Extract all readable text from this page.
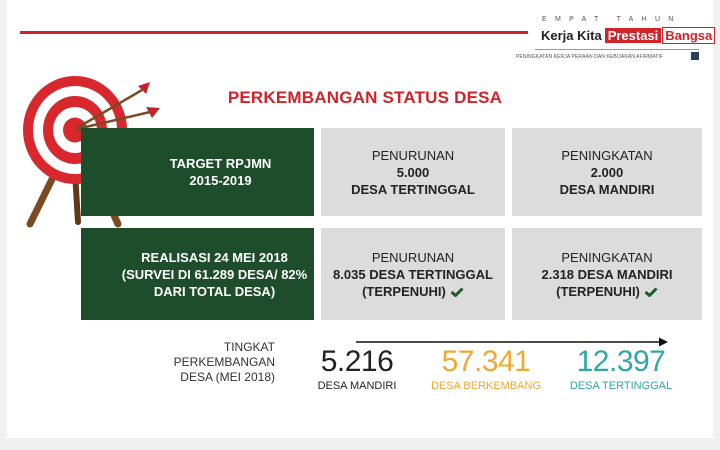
EMPAT TAHUN
Kerja Kita Prestasi Bangsa
PENINGKATAN KERJA PERAAN DAN KEBIJAKAN AFIRMATIF
PERKEMBANGAN STATUS DESA
TARGET RPJMN
2015-2019
PENURUNAN
5.000
DESA TERTINGGAL
PENINGKATAN
2.000
DESA MANDIRI
REALISASI 24 MEI 2018
(SURVEI DI 61.289 DESA/ 82%
DARI TOTAL DESA)
PENURUNAN
8.035 DESA TERTINGGAL
(TERPENUHI)
PENINGKATAN
2.318 DESA MANDIRI
(TERPENUHI)
TINGKAT
PERKEMBANGAN
DESA (MEI 2018) 5.216
DESA MANDIRI
57.341
DESA BERKEMBANG
12.397
DESA TERTINGGAL
